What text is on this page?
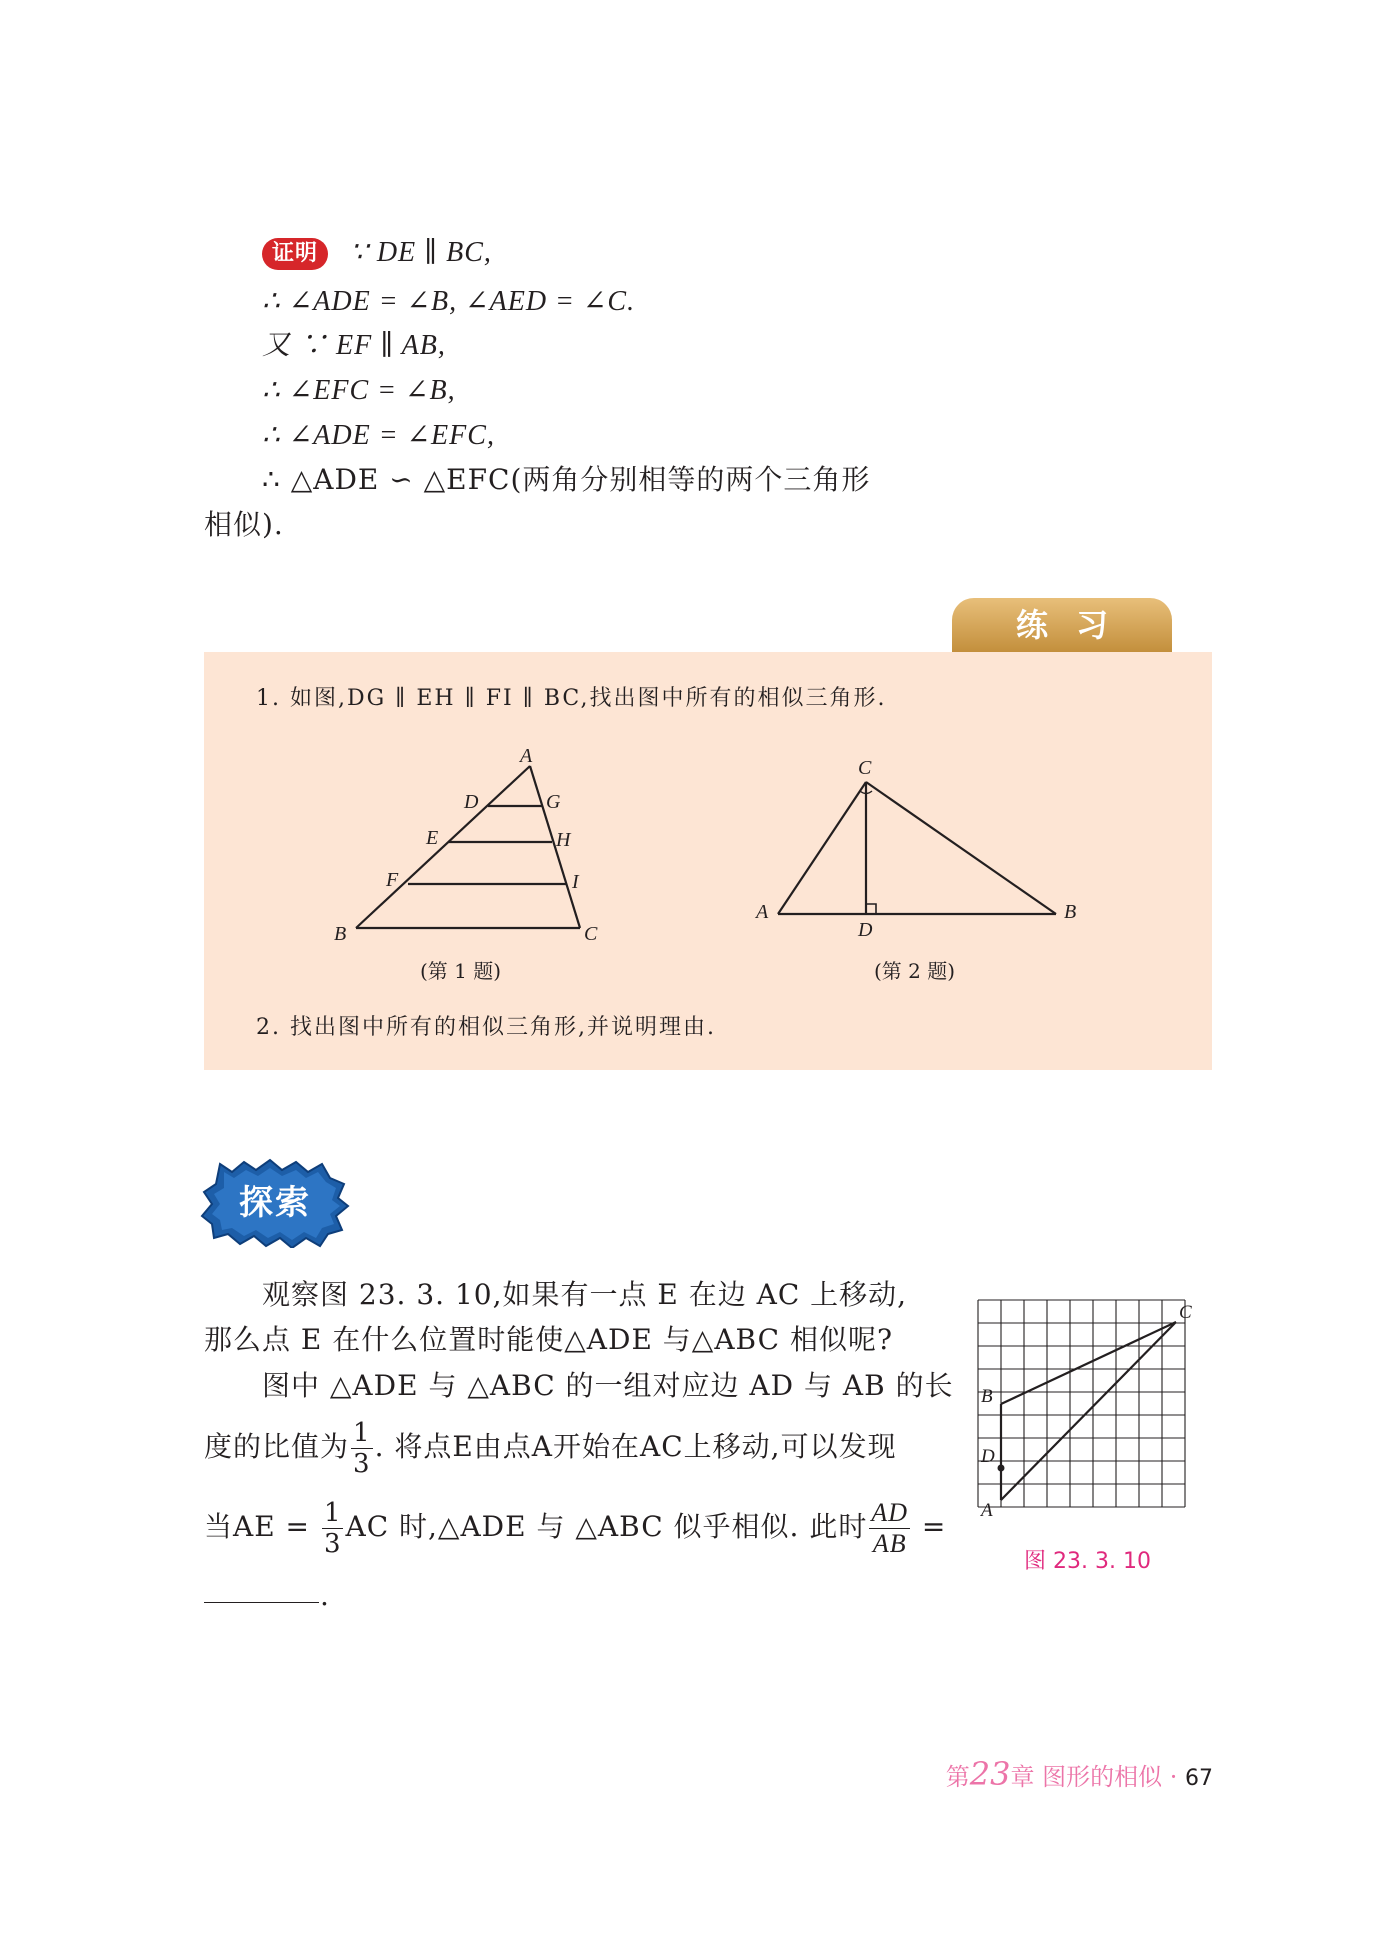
证明 ∵ DE ∥ BC,
∴ ∠ADE = ∠B, ∠AED = ∠C.
又 ∵ EF ∥ AB,
∴ ∠EFC = ∠B,
∴ ∠ADE = ∠EFC,
∴ △ADE ∽ △EFC(两角分别相等的两个三角形
相似).
练习
1. 如图,DG ∥ EH ∥ FI ∥ BC,找出图中所有的相似三角形.
A
D	G
E	H
F	I
B	C
(第 1 题)
C
A	B
D
(第 2 题)
2. 找出图中所有的相似三角形,并说明理由.
探索
观察图 23. 3. 10,如果有一点 E 在边 AC 上移动,
那么点 E 在什么位置时能使△ADE 与△ABC 相似呢?
图中 △ADE 与 △ABC 的一组对应边 AD 与 AB 的长
度的比值为 $\frac{1}{3}$ . 将点E由点A开始在AC上移动,可以发现
当AE = $\frac{1}{3}$ AC 时,△ADE 与 △ABC 似乎相似. 此时 $\frac{AD}{AB}$ =
.
C
B
D
A
图 23. 3. 10
第23章 图形的相似 · 67
